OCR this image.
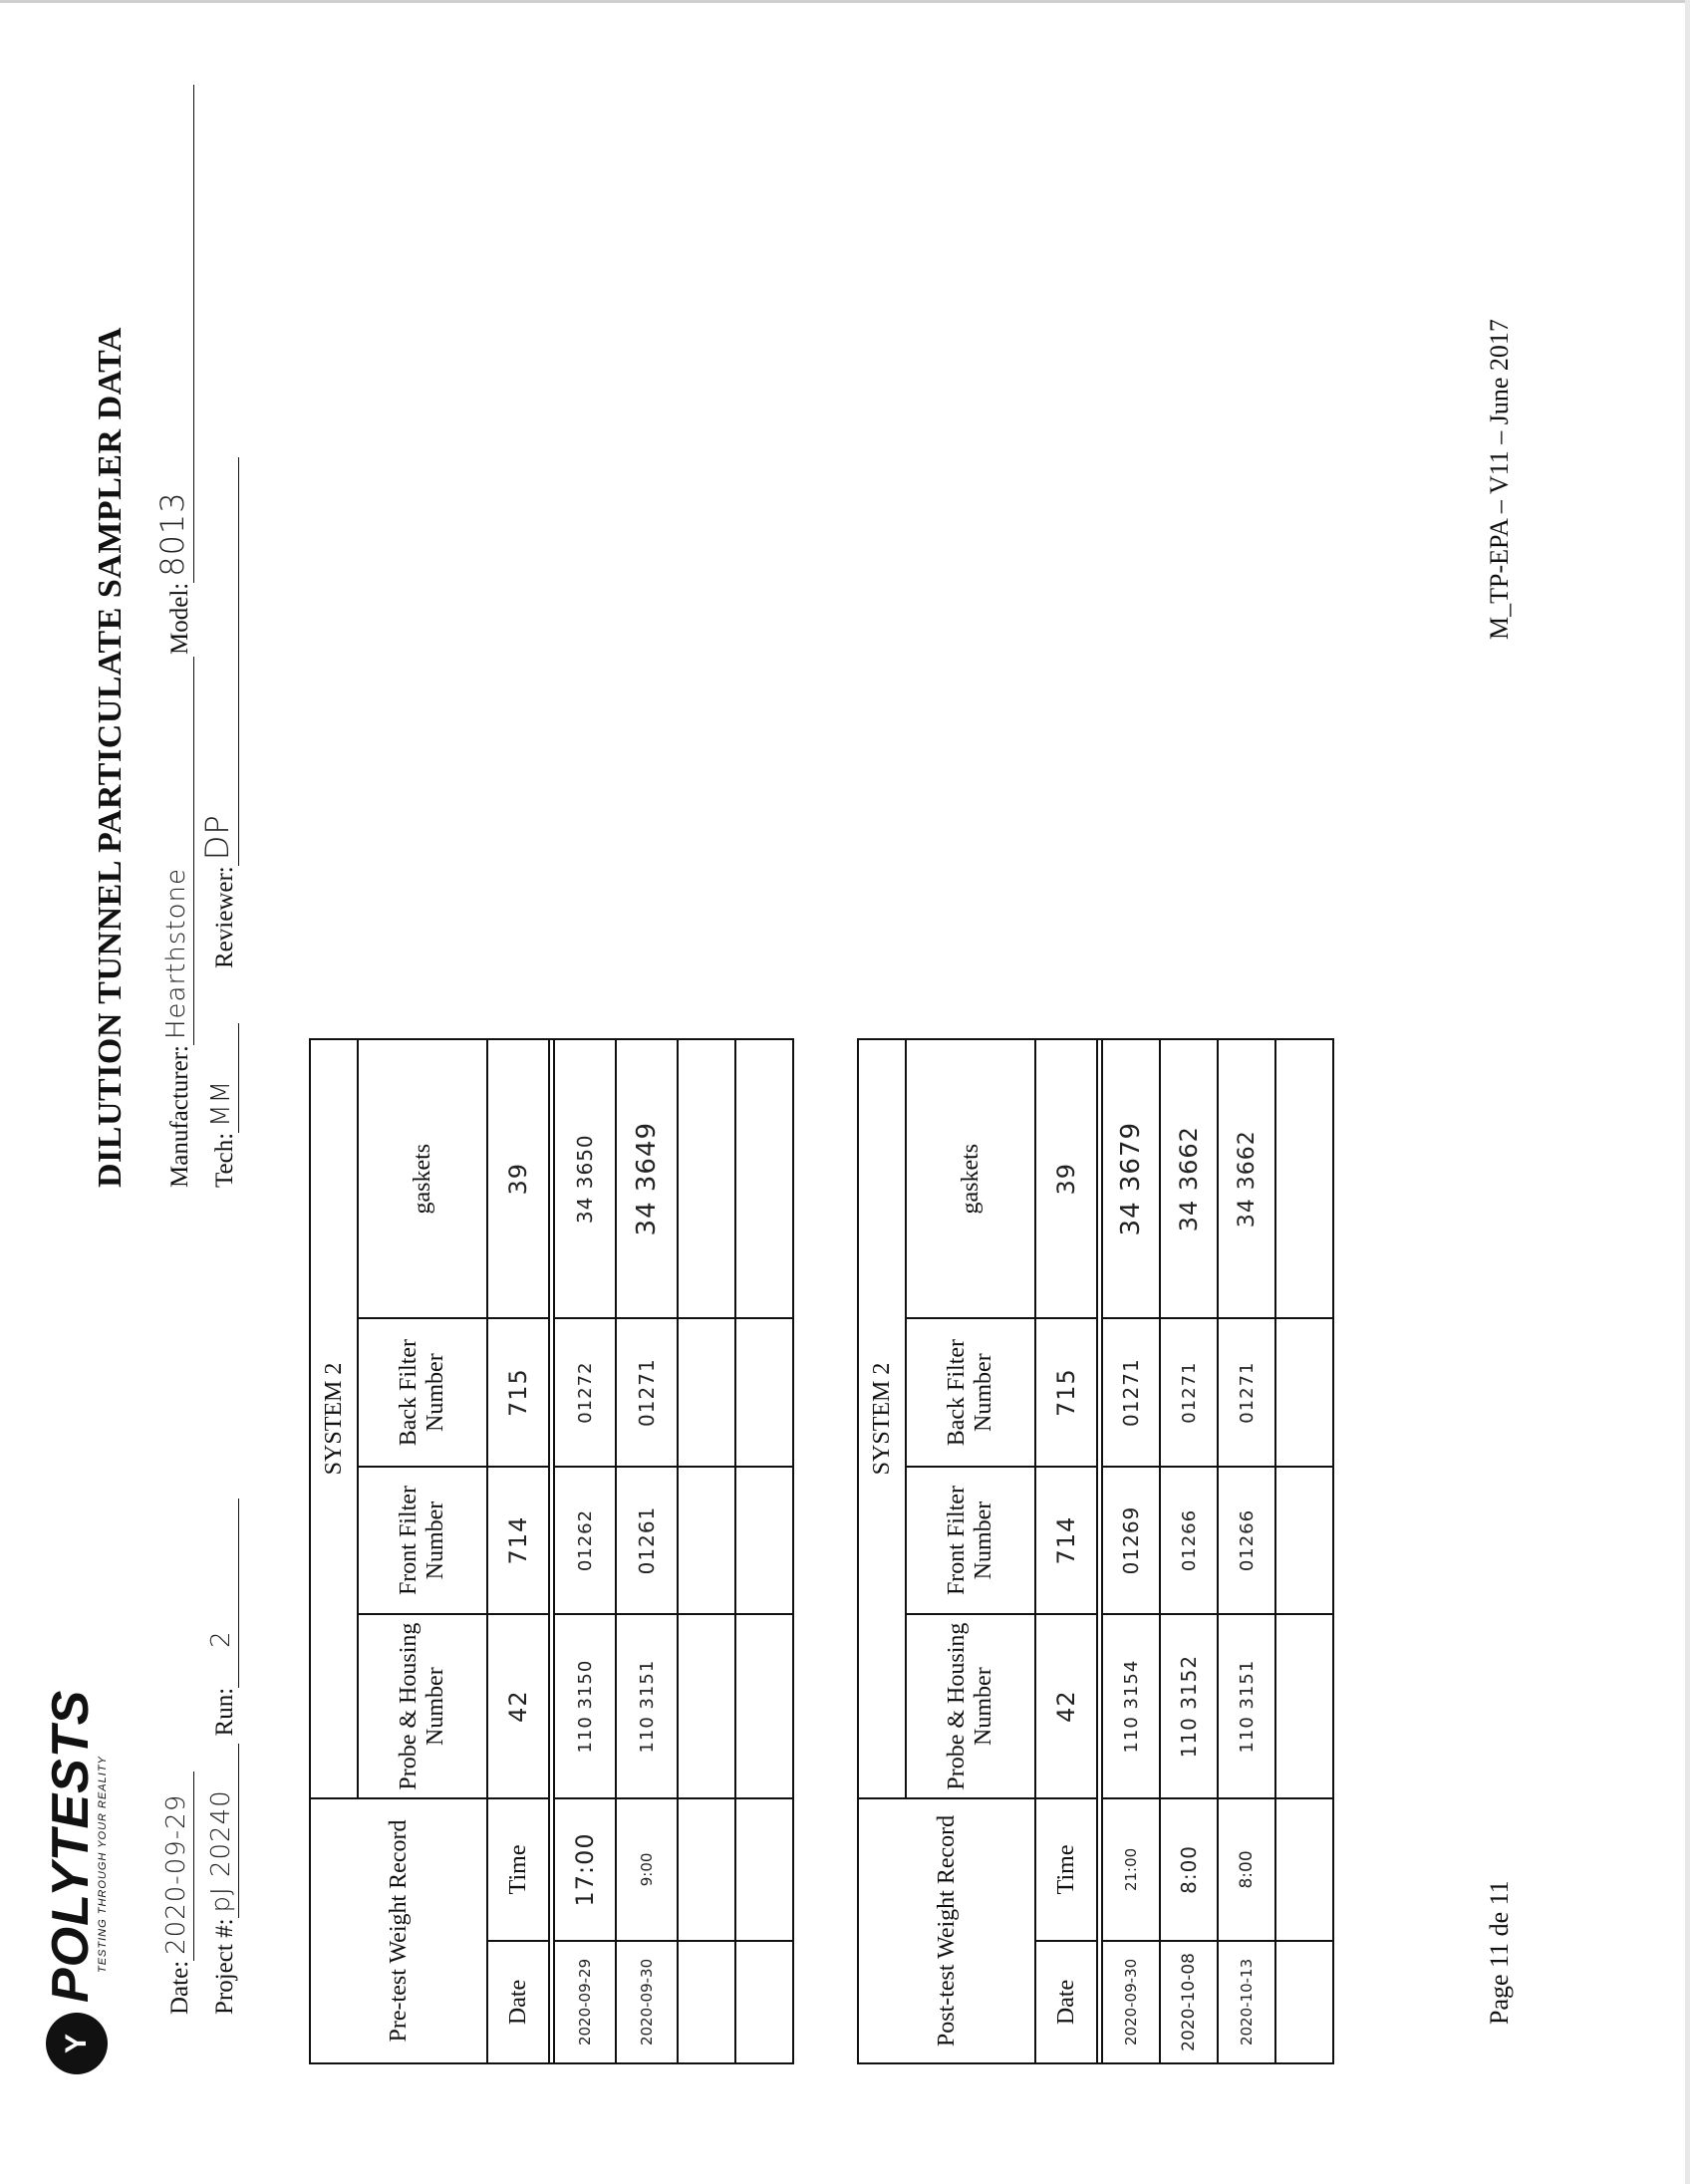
Y
POLYTESTS
TESTING THROUGH YOUR REALITY
DILUTION TUNNEL PARTICULATE SAMPLER DATA
Date:
2020-09-29
Manufacturer:
Hearthstone
Model:
8013
Project #:
pJ 20240
Run:
2
Tech:
MM
Reviewer:
DP
Pre-test Weight Record		SYSTEM 2			
		Probe & Housing Number	Front Filter Number	Back Filter Number	gaskets
Date	Time	42	714	715	39

2020-09-29	17:00	110 3150	01262	01272	34 3650
2020-09-30	9:00	110 3151	01261	01271	34 3649

Post-test Weight Record		SYSTEM 2			
		Probe & Housing Number	Front Filter Number	Back Filter Number	gaskets
Date	Time	42	714	715	39

2020-09-30	21:00	110 3154	01269	01271	34 3679
2020-10-08	8:00	110 3152	01266	01271	34 3662
2020-10-13	8:00	110 3151	01266	01271	34 3662

Page 11 de 11
M_TP-EPA – V11 – June 2017
